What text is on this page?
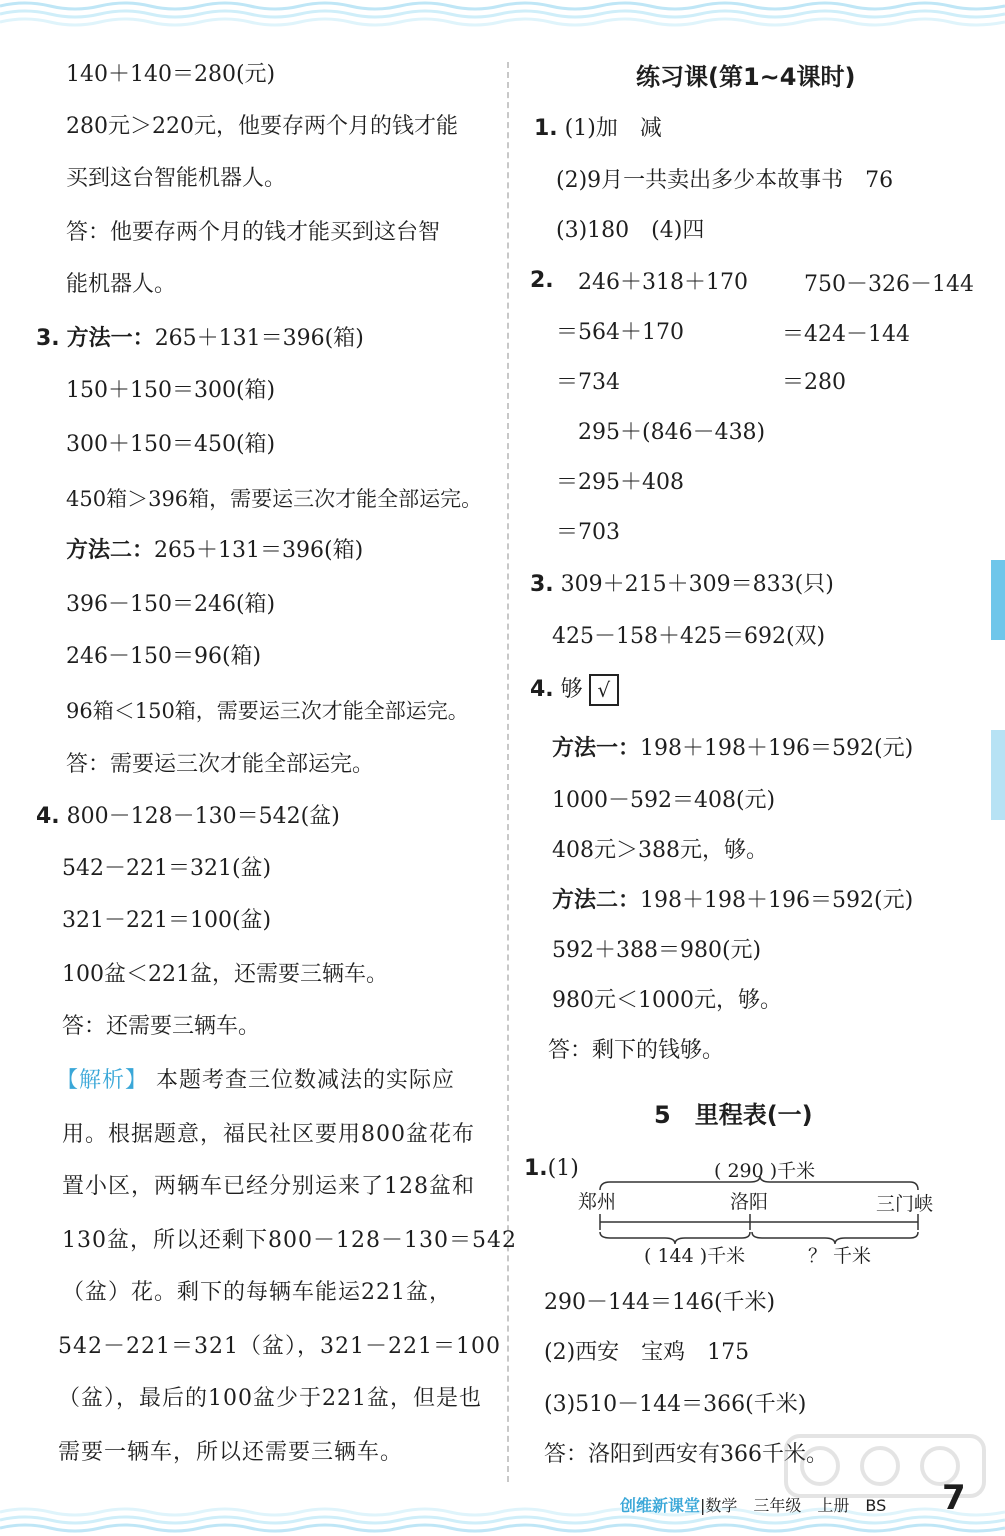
140＋140＝280(元)
280元＞220元，他要存两个月的钱才能
买到这台智能机器人。
答：他要存两个月的钱才能买到这台智
能机器人。
3. 方法一：265＋131＝396(箱)
150＋150＝300(箱)
300＋150＝450(箱)
450箱＞396箱，需要运三次才能全部运完。
方法二：265＋131＝396(箱)
396－150＝246(箱)
246－150＝96(箱)
96箱＜150箱，需要运三次才能全部运完。
答：需要运三次才能全部运完。
4. 800－128－130＝542(盆)
542－221＝321(盆)
321－221＝100(盆)
100盆＜221盆，还需要三辆车。
答：还需要三辆车。
【解析】 本题考查三位数减法的实际应
用。根据题意，福民社区要用800盆花布
置小区，两辆车已经分别运来了128盆和
130盆，所以还剩下800－128－130＝542
（盆）花。剩下的每辆车能运221盆，
542－221＝321（盆），321－221＝100
（盆），最后的100盆少于221盆，但是也
需要一辆车，所以还需要三辆车。
练习课(第1~4课时)
1. (1)加　减
(2)9月一共卖出多少本故事书　76
(3)180　(4)四
2. 246＋318＋170
＝564＋170
＝734
750－326－144
＝424－144
＝280
295＋(846－438)
＝295＋408
＝703
3. 309＋215＋309＝833(只)
425－158＋425＝692(双)
4. 够 √
方法一：198＋198＋196＝592(元)
1000－592＝408(元)
408元＞388元，够。
方法二：198＋198＋196＝592(元)
592＋388＝980(元)
980元＜1000元，够。
答：剩下的钱够。
5　里程表(一)
1.(1)	( 290 )千米
郑州	洛阳	三门峡
( 144 )千米	？ 千米
290－144＝146(千米)
(2)西安　宝鸡　175
(3)510－144＝366(千米)
答：洛阳到西安有366千米。
创维新课堂|数学　三年级　上册　BS	7
